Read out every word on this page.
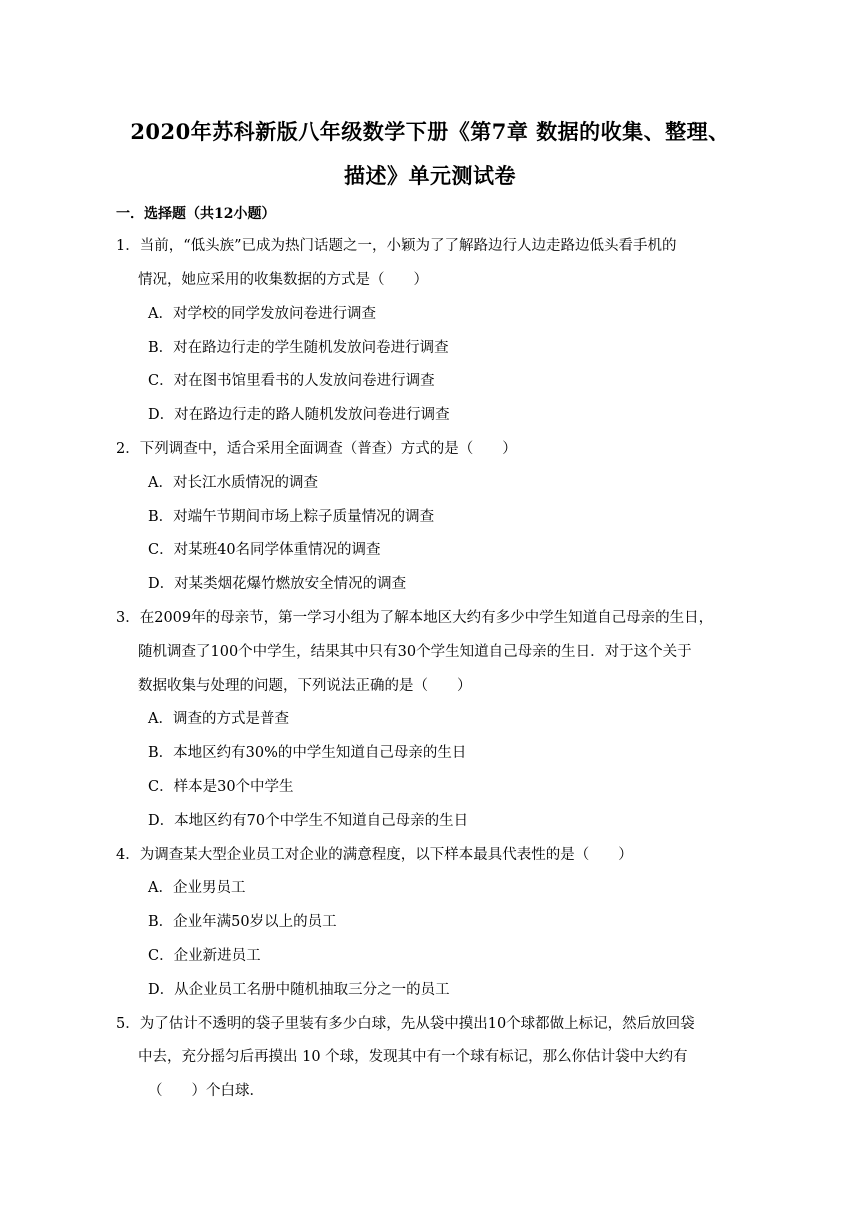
2020年苏科新版八年级数学下册《第7章 数据的收集、整理、
描述》单元测试卷
一．选择题（共12小题）
1．当前，“低头族”已成为热门话题之一，小颖为了了解路边行人边走路边低头看手机的
情况，她应采用的收集数据的方式是（　　）
A．对学校的同学发放问卷进行调查
B．对在路边行走的学生随机发放问卷进行调查
C．对在图书馆里看书的人发放问卷进行调查
D．对在路边行走的路人随机发放问卷进行调查
2．下列调查中，适合采用全面调查（普查）方式的是（　　）
A．对长江水质情况的调查
B．对端午节期间市场上粽子质量情况的调查
C．对某班40名同学体重情况的调查
D．对某类烟花爆竹燃放安全情况的调查
3．在2009年的母亲节，第一学习小组为了解本地区大约有多少中学生知道自己母亲的生日，
随机调查了100个中学生，结果其中只有30个学生知道自己母亲的生日．对于这个关于
数据收集与处理的问题，下列说法正确的是（　　）
A．调查的方式是普查
B．本地区约有30%的中学生知道自己母亲的生日
C．样本是30个中学生
D．本地区约有70个中学生不知道自己母亲的生日
4．为调查某大型企业员工对企业的满意程度，以下样本最具代表性的是（　　）
A．企业男员工
B．企业年满50岁以上的员工
C．企业新进员工
D．从企业员工名册中随机抽取三分之一的员工
5．为了估计不透明的袋子里装有多少白球，先从袋中摸出10个球都做上标记，然后放回袋
中去，充分摇匀后再摸出 10 个球，发现其中有一个球有标记，那么你估计袋中大约有
（　　）个白球．
